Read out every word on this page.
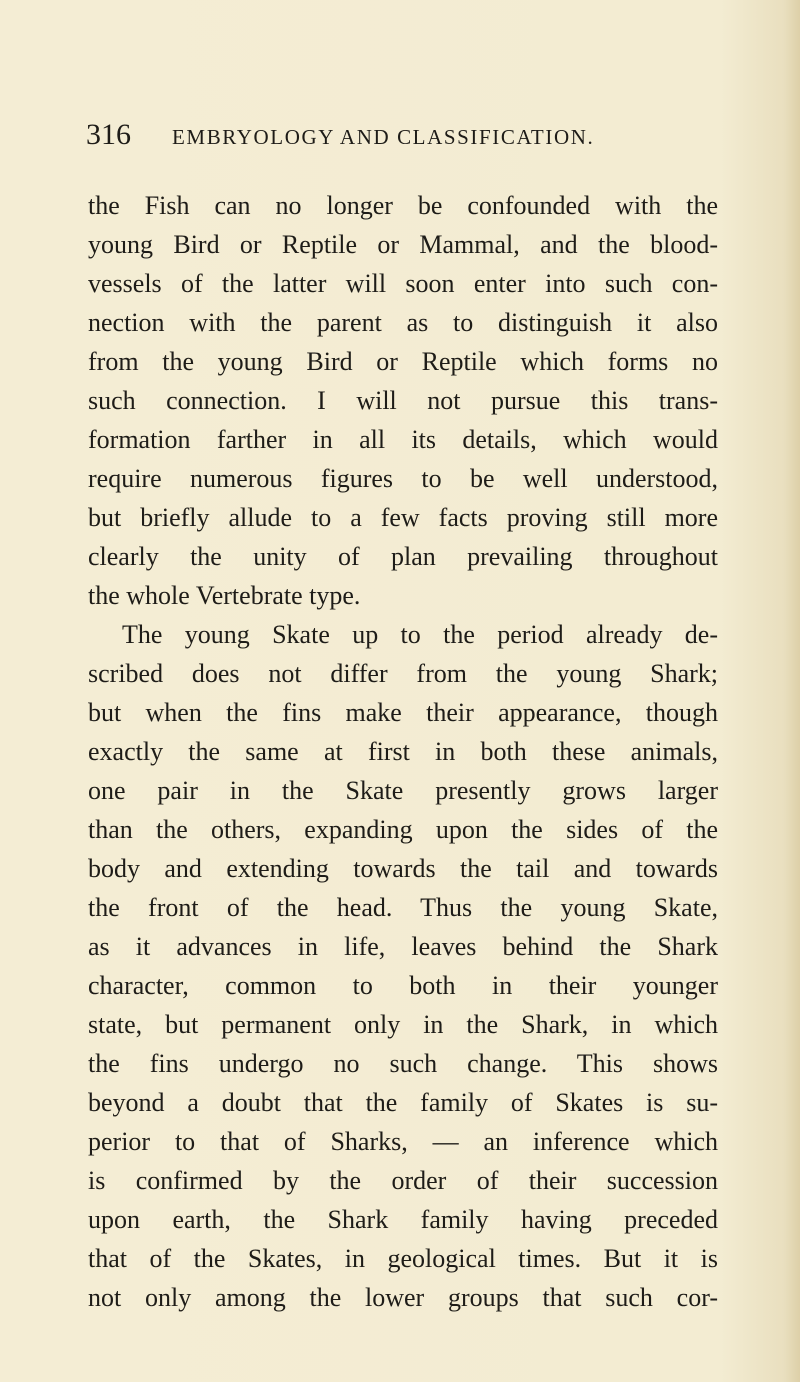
316	EMBRYOLOGY AND CLASSIFICATION.
the Fish can no longer be confounded with the
young Bird or Reptile or Mammal, and the blood-
vessels of the latter will soon enter into such con-
nection with the parent as to distinguish it also
from the young Bird or Reptile which forms no
such connection. I will not pursue this trans-
formation farther in all its details, which would
require numerous figures to be well understood,
but briefly allude to a few facts proving still more
clearly the unity of plan prevailing throughout
the whole Vertebrate type.
The young Skate up to the period already de-
scribed does not differ from the young Shark;
but when the fins make their appearance, though
exactly the same at first in both these animals,
one pair in the Skate presently grows larger
than the others, expanding upon the sides of the
body and extending towards the tail and towards
the front of the head. Thus the young Skate,
as it advances in life, leaves behind the Shark
character, common to both in their younger
state, but permanent only in the Shark, in which
the fins undergo no such change. This shows
beyond a doubt that the family of Skates is su-
perior to that of Sharks, — an inference which
is confirmed by the order of their succession
upon earth, the Shark family having preceded
that of the Skates, in geological times. But it is
not only among the lower groups that such cor-
